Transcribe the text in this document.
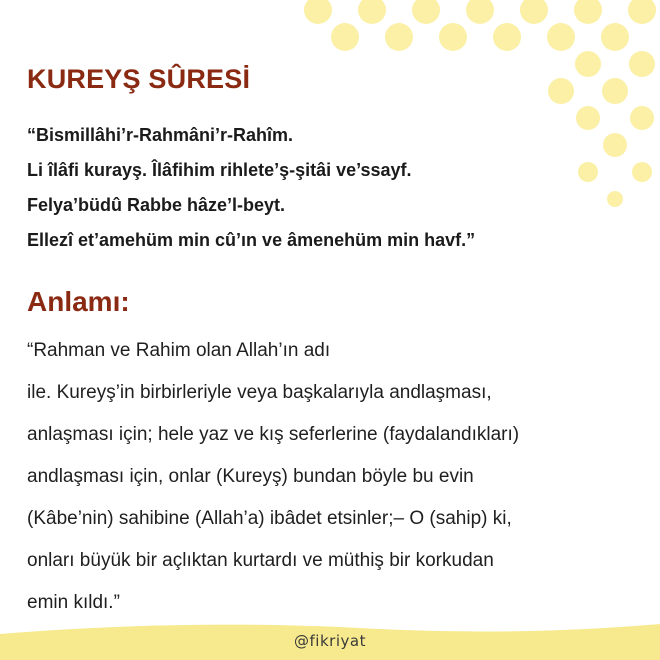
KUREYŞ SÛRESİ

“Bismillâhi’r-Rahmâni’r-Rahîm.
Li îlâfi kurayş. Îlâfihim rihlete’ş-şitâi ve’ssayf.
Felya’büdû Rabbe hâze’l-beyt.
Ellezî et’amehüm min cû’ın ve âmenehüm min havf.”

Anlamı:

“Rahman ve Rahim olan Allah’ın adı
ile. Kureyş’in birbirleriyle veya başkalarıyla andlaşması,
anlaşması için; hele yaz ve kış seferlerine (faydalandıkları)
andlaşması için, onlar (Kureyş) bundan böyle bu evin
(Kâbe’nin) sahibine (Allah’a) ibâdet etsinler;– O (sahip) ki,
onları büyük bir açlıktan kurtardı ve müthiş bir korkudan
emin kıldı.”

@fikriyat
